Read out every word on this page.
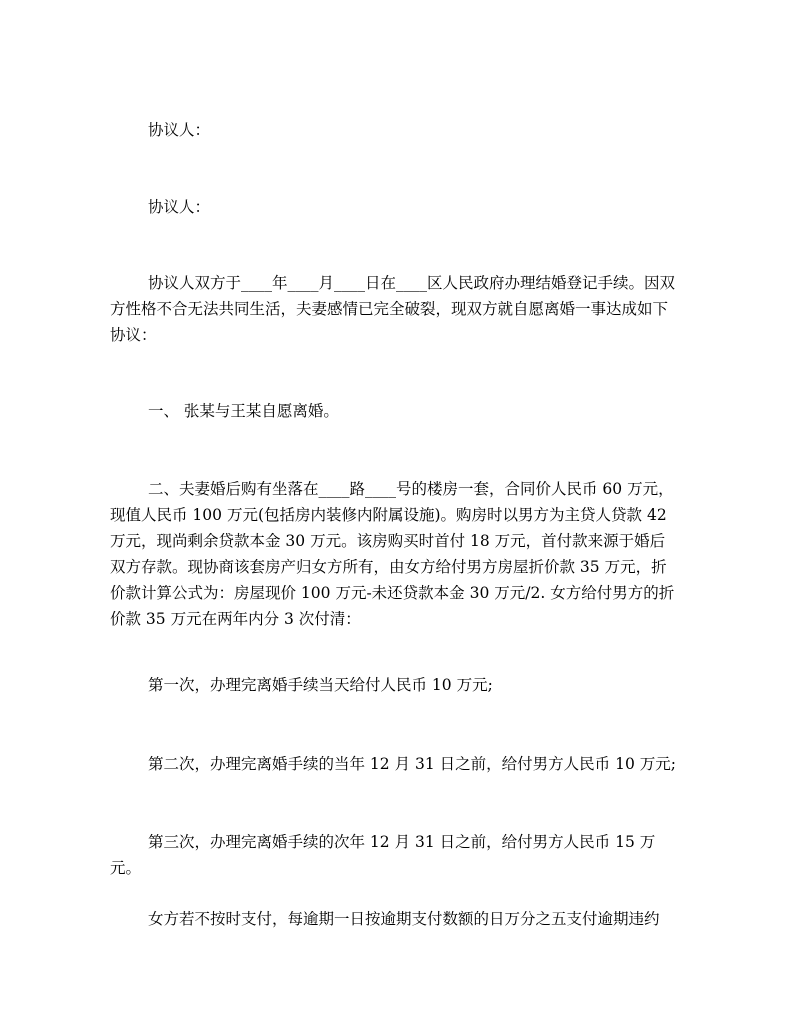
协议人：

协议人：

协议人双方于____年____月____日在____区人民政府办理结婚登记手续。因双方性格不合无法共同生活，夫妻感情已完全破裂，现双方就自愿离婚一事达成如下协议：

一、 张某与王某自愿离婚。

二、夫妻婚后购有坐落在____路____号的楼房一套，合同价人民币 60 万元，现值人民币 100 万元(包括房内装修内附属设施)。购房时以男方为主贷人贷款 42 万元，现尚剩余贷款本金 30 万元。该房购买时首付 18 万元，首付款来源于婚后双方存款。现协商该套房产归女方所有，由女方给付男方房屋折价款 35 万元，折价款计算公式为：房屋现价 100 万元-未还贷款本金 30 万元/2. 女方给付男方的折价款 35 万元在两年内分 3 次付清：

第一次，办理完离婚手续当天给付人民币 10 万元;

第二次，办理完离婚手续的当年 12 月 31 日之前，给付男方人民币 10 万元;

第三次，办理完离婚手续的次年 12 月 31 日之前，给付男方人民币 15 万元。

女方若不按时支付，每逾期一日按逾期支付数额的日万分之五支付逾期违约
